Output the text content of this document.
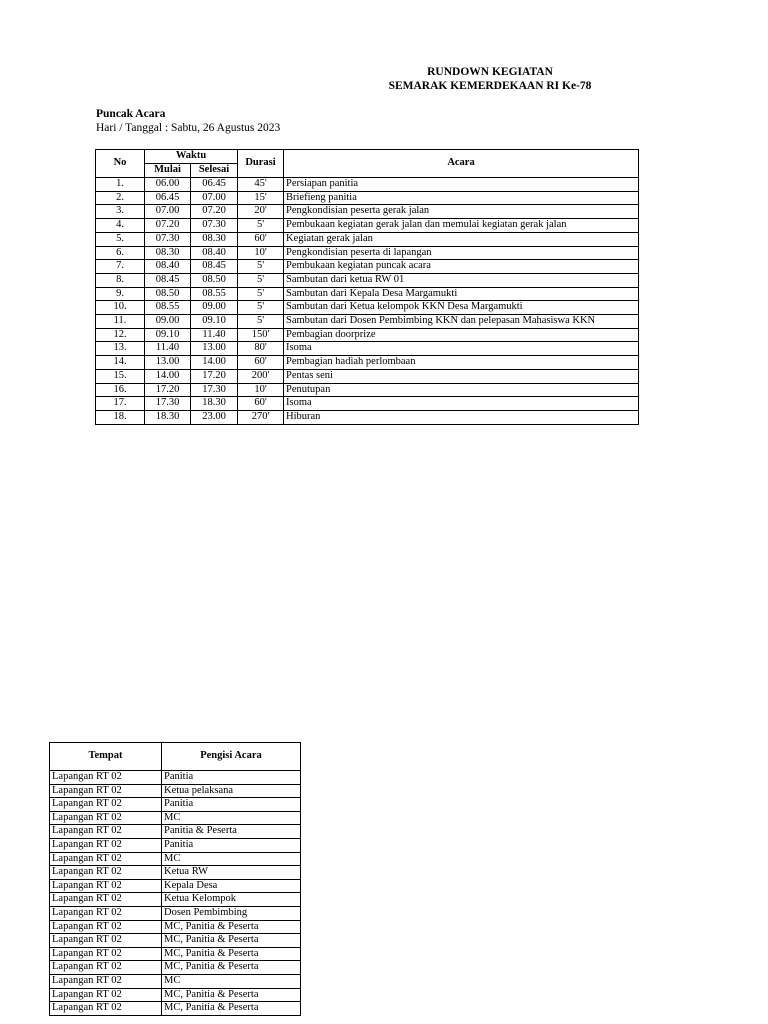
RUNDOWN KEGIATAN
SEMARAK KEMERDEKAAN RI Ke-78
Puncak Acara
Hari / Tanggal : Sabtu, 26 Agustus 2023
No	Waktu		Durasi	Acara
	Mulai	Selesai		
1.	06.00	06.45	45'	Persiapan panitia
2.	06.45	07.00	15'	Briefieng panitia
3.	07.00	07.20	20'	Pengkondisian peserta gerak jalan
4.	07.20	07.30	5'	Pembukaan kegiatan gerak jalan dan memulai kegiatan gerak jalan
5.	07.30	08.30	60'	Kegiatan gerak jalan
6.	08.30	08.40	10'	Pengkondisian peserta di lapangan
7.	08.40	08.45	5'	Pembukaan kegiatan puncak acara
8.	08.45	08.50	5'	Sambutan dari ketua RW 01
9.	08.50	08.55	5'	Sambutan dari Kepala Desa Margamukti
10.	08.55	09.00	5'	Sambutan dari Ketua kelompok KKN Desa Margamukti
11.	09.00	09.10	5'	Sambutan dari Dosen Pembimbing KKN dan pelepasan Mahasiswa KKN
12.	09.10	11.40	150'	Pembagian doorprize
13.	11.40	13.00	80'	Isoma
14.	13.00	14.00	60'	Pembagian hadiah perlombaan
15.	14.00	17.20	200'	Pentas seni
16.	17.20	17.30	10'	Penutupan
17.	17.30	18.30	60'	Isoma
18.	18.30	23.00	270'	Hiburan
Tempat	Pengisi Acara
Lapangan RT 02	Panitia
Lapangan RT 02	Ketua pelaksana
Lapangan RT 02	Panitia
Lapangan RT 02	MC
Lapangan RT 02	Panitia & Peserta
Lapangan RT 02	Panitia
Lapangan RT 02	MC
Lapangan RT 02	Ketua RW
Lapangan RT 02	Kepala Desa
Lapangan RT 02	Ketua Kelompok
Lapangan RT 02	Dosen Pembimbing
Lapangan RT 02	MC, Panitia & Peserta
Lapangan RT 02	MC, Panitia & Peserta
Lapangan RT 02	MC, Panitia & Peserta
Lapangan RT 02	MC, Panitia & Peserta
Lapangan RT 02	MC
Lapangan RT 02	MC, Panitia & Peserta
Lapangan RT 02	MC, Panitia & Peserta
